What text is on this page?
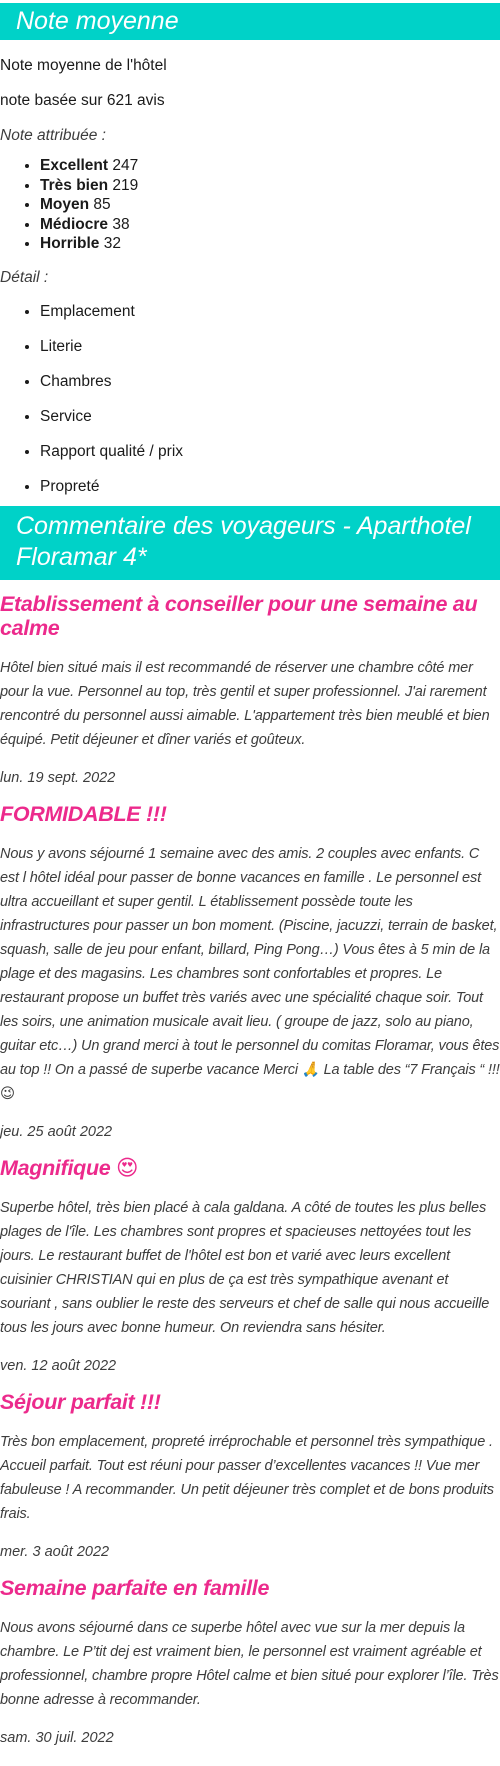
Note moyenne

Note moyenne de l'hôtel

note basée sur 621 avis

Note attribuée :

• Excellent 247
• Très bien 219
• Moyen 85
• Médiocre 38
• Horrible 32

Détail :

• Emplacement
• Literie
• Chambres
• Service
• Rapport qualité / prix
• Propreté
Commentaire des voyageurs - Aparthotel Floramar 4*
Etablissement à conseiller pour une semaine au calme

Hôtel bien situé mais il est recommandé de réserver une chambre côté mer pour la vue. Personnel au top, très gentil et super professionnel. J'ai rarement rencontré du personnel aussi aimable. L'appartement très bien meublé et bien équipé. Petit déjeuner et dîner variés et goûteux.

lun. 19 sept. 2022

FORMIDABLE !!!

Nous y avons séjourné 1 semaine avec des amis. 2 couples avec enfants. C est l hôtel idéal pour passer de bonne vacances en famille . Le personnel est ultra accueillant et super gentil. L établissement possède toute les infrastructures pour passer un bon moment. (Piscine, jacuzzi, terrain de basket, squash, salle de jeu pour enfant, billard, Ping Pong…) Vous êtes à 5 min de la plage et des magasins. Les chambres sont confortables et propres. Le restaurant propose un buffet très variés avec une spécialité chaque soir. Tout les soirs, une animation musicale avait lieu. ( groupe de jazz, solo au piano, guitar etc…) Un grand merci à tout le personnel du comitas Floramar, vous êtes au top !! On a passé de superbe vacance Merci 🙏 La table des “7 Français “ !!! 😉

jeu. 25 août 2022

Magnifique 😍

Superbe hôtel, très bien placé à cala galdana. A côté de toutes les plus belles plages de l'île. Les chambres sont propres et spacieuses nettoyées tout les jours. Le restaurant buffet de l'hôtel est bon et varié avec leurs excellent cuisinier CHRISTIAN qui en plus de ça est très sympathique avenant et souriant , sans oublier le reste des serveurs et chef de salle qui nous accueille tous les jours avec bonne humeur. On reviendra sans hésiter.

ven. 12 août 2022

Séjour parfait !!!

Très bon emplacement, propreté irréprochable et personnel très sympathique . Accueil parfait. Tout est réuni pour passer d’excellentes vacances !! Vue mer fabuleuse ! A recommander. Un petit déjeuner très complet et de bons produits frais.

mer. 3 août 2022

Semaine parfaite en famille

Nous avons séjourné dans ce superbe hôtel avec vue sur la mer depuis la chambre. Le P’tit dej est vraiment bien, le personnel est vraiment agréable et professionnel, chambre propre Hôtel calme et bien situé pour explorer l’île. Très bonne adresse à recommander.

sam. 30 juil. 2022
